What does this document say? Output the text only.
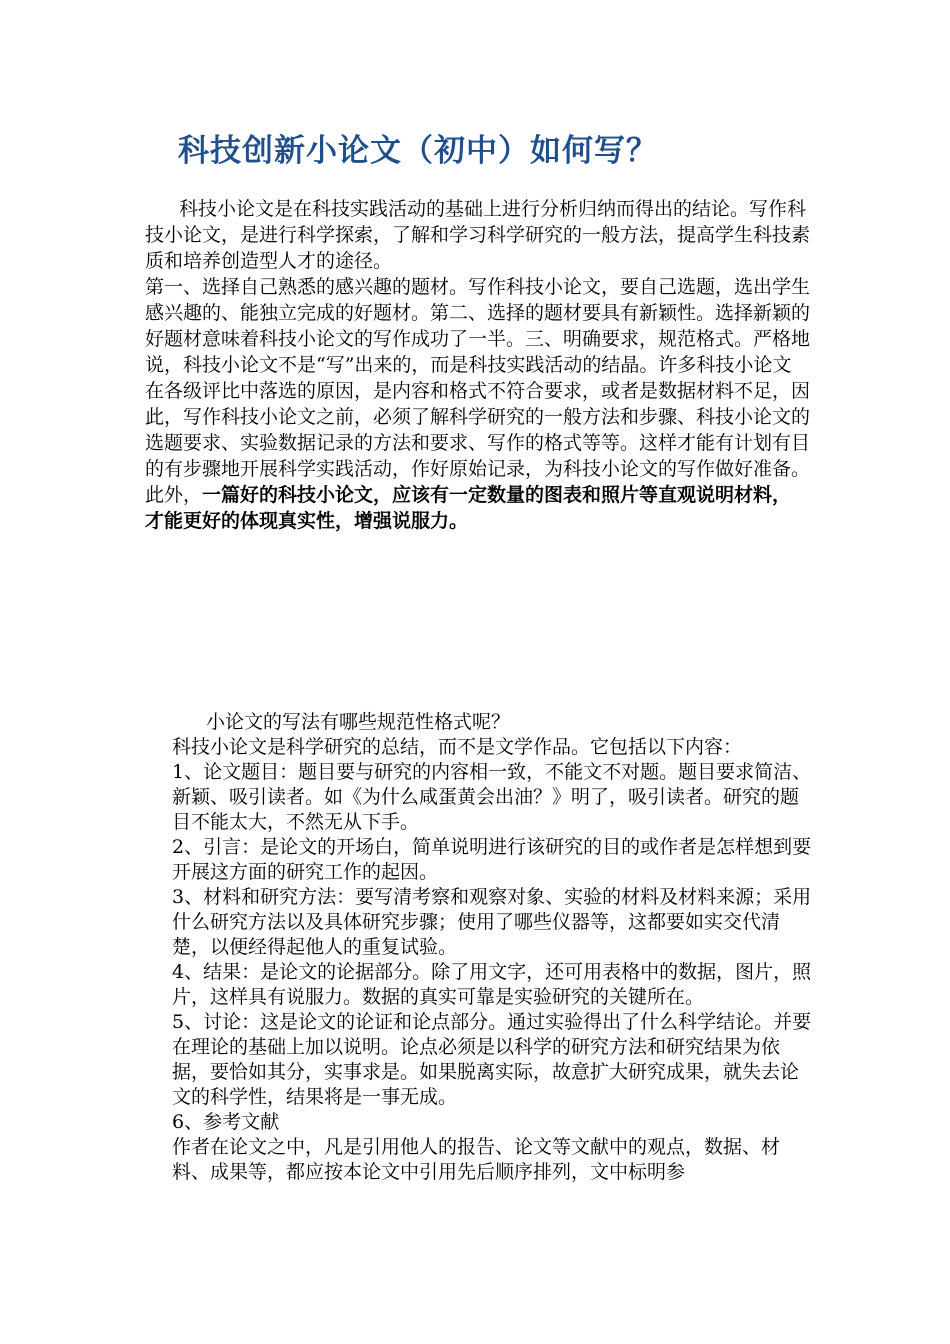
科技创新小论文（初中）如何写？

科技小论文是在科技实践活动的基础上进行分析归纳而得出的结论。写作科技小论文，是进行科学探索，了解和学习科学研究的一般方法，提高学生科技素质和培养创造型人才的途径。

第一、选择自己熟悉的感兴趣的题材。写作科技小论文，要自己选题，选出学生感兴趣的、能独立完成的好题材。第二、选择的题材要具有新颖性。选择新颖的好题材意味着科技小论文的写作成功了一半。三、明确要求，规范格式。严格地说，科技小论文不是“写”出来的，而是科技实践活动的结晶。许多科技小论文在各级评比中落选的原因，是内容和格式不符合要求，或者是数据材料不足，因此，写作科技小论文之前，必须了解科学研究的一般方法和步骤、科技小论文的选题要求、实验数据记录的方法和要求、写作的格式等等。这样才能有计划有目的有步骤地开展科学实践活动，作好原始记录，为科技小论文的写作做好准备。此外，一篇好的科技小论文，应该有一定数量的图表和照片等直观说明材料，才能更好的体现真实性，增强说服力。

小论文的写法有哪些规范性格式呢？

科技小论文是科学研究的总结，而不是文学作品。它包括以下内容：

1、论文题目：题目要与研究的内容相一致，不能文不对题。题目要求简洁、新颖、吸引读者。如《为什么咸蛋黄会出油？》明了，吸引读者。研究的题目不能太大，不然无从下手。

2、引言：是论文的开场白，简单说明进行该研究的目的或作者是怎样想到要开展这方面的研究工作的起因。

3、材料和研究方法：要写清考察和观察对象、实验的材料及材料来源；采用什么研究方法以及具体研究步骤；使用了哪些仪器等，这都要如实交代清楚，以便经得起他人的重复试验。

4、结果：是论文的论据部分。除了用文字，还可用表格中的数据，图片，照片，这样具有说服力。数据的真实可靠是实验研究的关键所在。

5、讨论：这是论文的论证和论点部分。通过实验得出了什么科学结论。并要在理论的基础上加以说明。论点必须是以科学的研究方法和研究结果为依据，要恰如其分，实事求是。如果脱离实际，故意扩大研究成果，就失去论文的科学性，结果将是一事无成。

6、参考文献

作者在论文之中，凡是引用他人的报告、论文等文献中的观点，数据、材料、成果等，都应按本论文中引用先后顺序排列，文中标明参
